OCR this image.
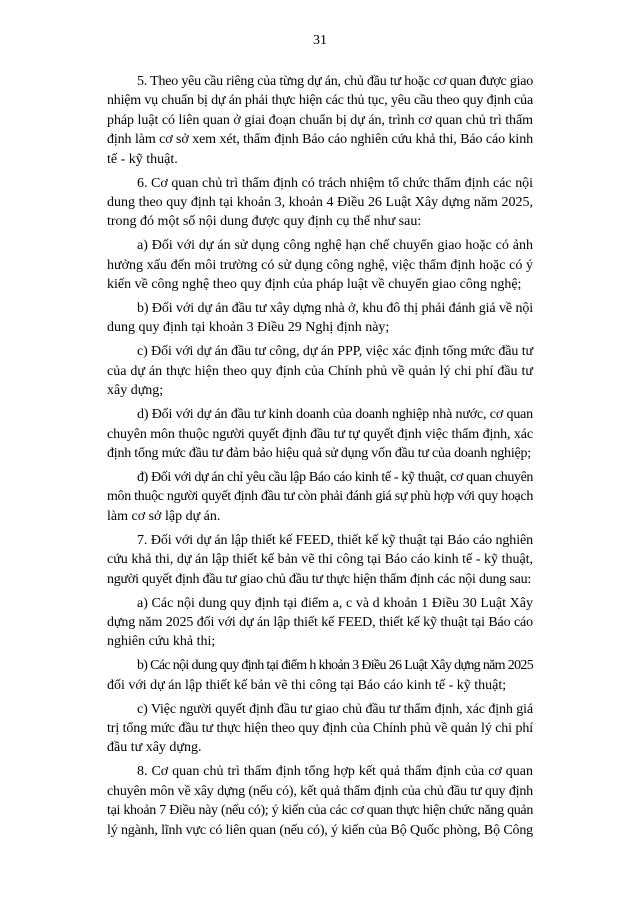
31
5. Theo yêu cầu riêng của từng dự án, chủ đầu tư hoặc cơ quan được giao
nhiệm vụ chuẩn bị dự án phải thực hiện các thủ tục, yêu cầu theo quy định của
pháp luật có liên quan ở giai đoạn chuẩn bị dự án, trình cơ quan chủ trì thẩm
định làm cơ sở xem xét, thẩm định Báo cáo nghiên cứu khả thi, Báo cáo kinh
tế - kỹ thuật.
6. Cơ quan chủ trì thẩm định có trách nhiệm tổ chức thẩm định các nội
dung theo quy định tại khoản 3, khoản 4 Điều 26 Luật Xây dựng năm 2025,
trong đó một số nội dung được quy định cụ thể như sau:
a) Đối với dự án sử dụng công nghệ hạn chế chuyển giao hoặc có ảnh
hưởng xấu đến môi trường có sử dụng công nghệ, việc thẩm định hoặc có ý
kiến về công nghệ theo quy định của pháp luật về chuyển giao công nghệ;
b) Đối với dự án đầu tư xây dựng nhà ở, khu đô thị phải đánh giá về nội
dung quy định tại khoản 3 Điều 29 Nghị định này;
c) Đối với dự án đầu tư công, dự án PPP, việc xác định tổng mức đầu tư
của dự án thực hiện theo quy định của Chính phủ về quản lý chi phí đầu tư
xây dựng;
d) Đối với dự án đầu tư kinh doanh của doanh nghiệp nhà nước, cơ quan
chuyên môn thuộc người quyết định đầu tư tự quyết định việc thẩm định, xác
định tổng mức đầu tư đảm bảo hiệu quả sử dụng vốn đầu tư của doanh nghiệp;
đ) Đối với dự án chỉ yêu cầu lập Báo cáo kinh tế - kỹ thuật, cơ quan chuyên
môn thuộc người quyết định đầu tư còn phải đánh giá sự phù hợp với quy hoạch
làm cơ sở lập dự án.
7. Đối với dự án lập thiết kế FEED, thiết kế kỹ thuật tại Báo cáo nghiên
cứu khả thi, dự án lập thiết kế bản vẽ thi công tại Báo cáo kinh tế - kỹ thuật,
người quyết định đầu tư giao chủ đầu tư thực hiện thẩm định các nội dung sau:
a) Các nội dung quy định tại điểm a, c và d khoản 1 Điều 30 Luật Xây
dựng năm 2025 đối với dự án lập thiết kế FEED, thiết kế kỹ thuật tại Báo cáo
nghiên cứu khả thi;
b) Các nội dung quy định tại điểm h khoản 3 Điều 26 Luật Xây dựng năm 2025
đối với dự án lập thiết kế bản vẽ thi công tại Báo cáo kinh tế - kỹ thuật;
c) Việc người quyết định đầu tư giao chủ đầu tư thẩm định, xác định giá
trị tổng mức đầu tư thực hiện theo quy định của Chính phủ về quản lý chi phí
đầu tư xây dựng.
8. Cơ quan chủ trì thẩm định tổng hợp kết quả thẩm định của cơ quan
chuyên môn về xây dựng (nếu có), kết quả thẩm định của chủ đầu tư quy định
tại khoản 7 Điều này (nếu có); ý kiến của các cơ quan thực hiện chức năng quản
lý ngành, lĩnh vực có liên quan (nếu có), ý kiến của Bộ Quốc phòng, Bộ Công
